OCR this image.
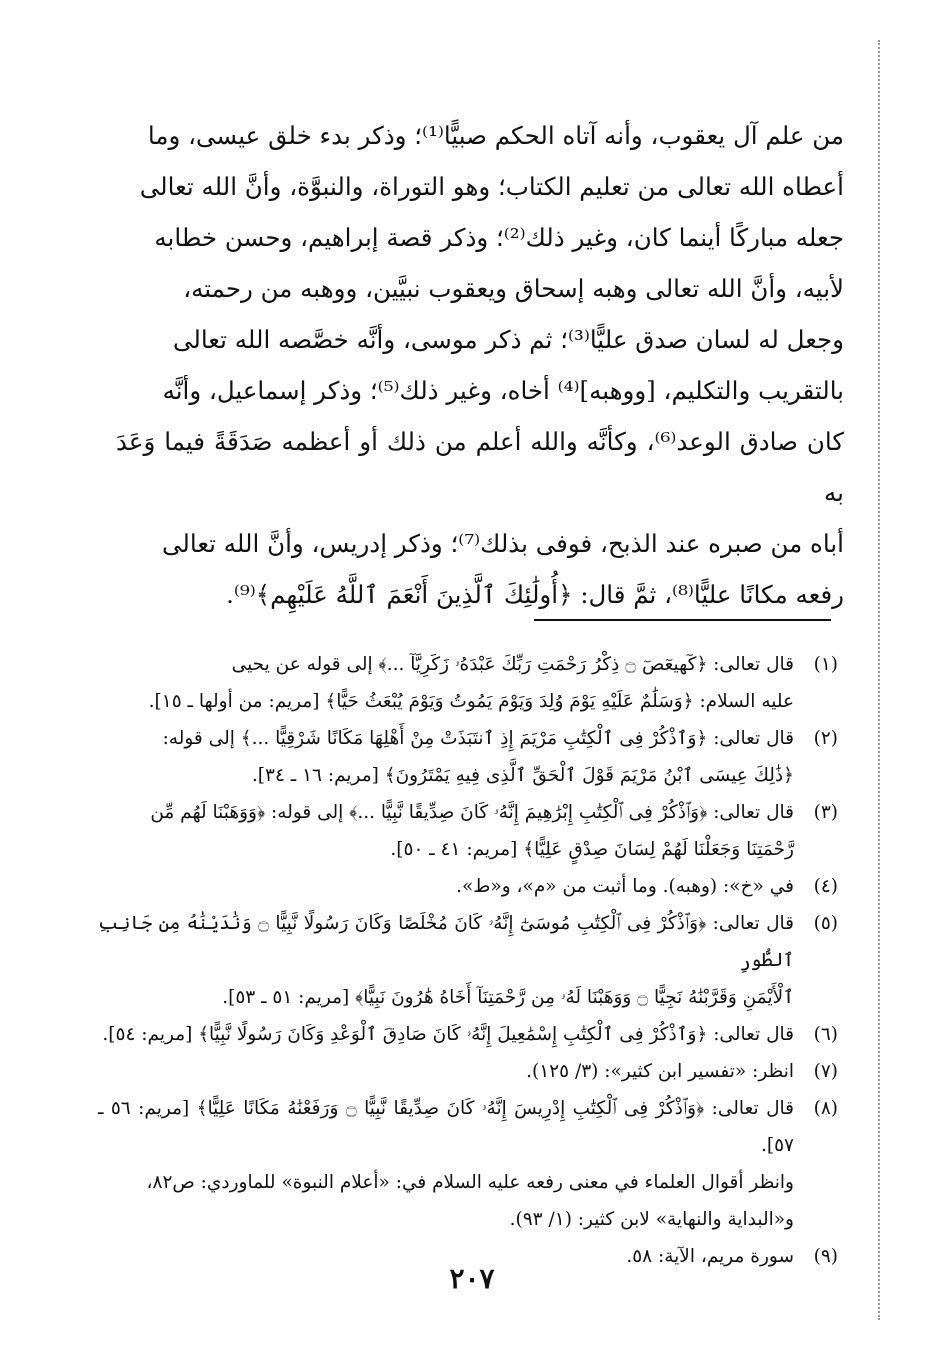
من علم آل يعقوب، وأنه آتاه الحكم صبيًّا⁽¹⁾؛ وذكر بدء خلق عيسى، وما

أعطاه الله تعالى من تعليم الكتاب؛ وهو التوراة، والنبوَّة، وأنَّ الله تعالى

جعله مباركًا أينما كان، وغير ذلك⁽²⁾؛ وذكر قصة إبراهيم، وحسن خطابه

لأبيه، وأنَّ الله تعالى وهبه إسحاق ويعقوب نبيَّين، ووهبه من رحمته،

وجعل له لسان صدق عليًّا⁽³⁾؛ ثم ذكر موسى، وأنَّه خصَّصه الله تعالى

بالتقريب والتكليم، [ووهبه]⁽⁴⁾ أخاه، وغير ذلك⁽⁵⁾؛ وذكر إسماعيل، وأنَّه

كان صادق الوعد⁽⁶⁾، وكأنَّه والله أعلم من ذلك أو أعظمه صَدَقَةً فيما وَعَدَ به

أباه من صبره عند الذبح، فوفى بذلك⁽⁷⁾؛ وذكر إدريس، وأنَّ الله تعالى

رفعه مكانًا عليًّا⁽⁸⁾، ثمَّ قال: ﴿أُولَٰئِكَ ٱلَّذِينَ أَنْعَمَ ٱللَّهُ عَلَيْهِم﴾⁽⁹⁾.

(١)

قال تعالى: ﴿كٓهيعٓصٓ ۝ ذِكْرُ رَحْمَتِ رَبِّكَ عَبْدَهُۥ زَكَرِيَّآ ...﴾ إلى قوله عن يحيى

عليه السلام: ﴿وَسَلَٰمٌ عَلَيْهِ يَوْمَ وُلِدَ وَيَوْمَ يَمُوتُ وَيَوْمَ يُبْعَثُ حَيًّا﴾ [مريم: من أولها ـ ١٥].

(٢)

قال تعالى: ﴿وَٱذْكُرْ فِى ٱلْكِتَٰبِ مَرْيَمَ إِذِ ٱنتَبَذَتْ مِنْ أَهْلِهَا مَكَانًا شَرْقِيًّا ...﴾ إلى قوله:

﴿ذَٰلِكَ عِيسَى ٱبْنُ مَرْيَمَ قَوْلَ ٱلْحَقِّ ٱلَّذِى فِيهِ يَمْتَرُونَ﴾ [مريم: ١٦ ـ ٣٤].

(٣)

قال تعالى: ﴿وَٱذْكُرْ فِى ٱلْكِتَٰبِ إِبْرَٰهِيمَ إِنَّهُۥ كَانَ صِدِّيقًا نَّبِيًّا ...﴾ إلى قوله: ﴿وَوَهَبْنَا لَهُم مِّن

رَّحْمَتِنَا وَجَعَلْنَا لَهُمْ لِسَانَ صِدْقٍ عَلِيًّا﴾ [مريم: ٤١ ـ ٥٠].

(٤)

في «خ»: (وهبه). وما أثبت من «م»، و«ط».

(٥)

قال تعالى: ﴿وَٱذْكُرْ فِى ٱلْكِتَٰبِ مُوسَىٰٓ إِنَّهُۥ كَانَ مُخْلَصًا وَكَانَ رَسُولًا نَّبِيًّا ۝ وَنَٰدَيْنَٰهُ مِن جَانِبِ ٱلطُّورِ

ٱلْأَيْمَنِ وَقَرَّبْنَٰهُ نَجِيًّا ۝ وَوَهَبْنَا لَهُۥ مِن رَّحْمَتِنَآ أَخَاهُ هَٰرُونَ نَبِيًّا﴾ [مريم: ٥١ ـ ٥٣].

(٦)

قال تعالى: ﴿وَٱذْكُرْ فِى ٱلْكِتَٰبِ إِسْمَٰعِيلَ إِنَّهُۥ كَانَ صَادِقَ ٱلْوَعْدِ وَكَانَ رَسُولًا نَّبِيًّا﴾ [مريم: ٥٤].

(٧)

انظر: «تفسير ابن كثير»: (٣/ ١٢٥).

(٨)

قال تعالى: ﴿وَٱذْكُرْ فِى ٱلْكِتَٰبِ إِدْرِيسَ إِنَّهُۥ كَانَ صِدِّيقًا نَّبِيًّا ۝ وَرَفَعْنَٰهُ مَكَانًا عَلِيًّا﴾ [مريم: ٥٦ ـ ٥٧].

وانظر أقوال العلماء في معنى رفعه عليه السلام في: «أعلام النبوة» للماوردي: ص٨٢،

و«البداية والنهاية» لابن كثير: (١/ ٩٣).

(٩)

سورة مريم، الآية: ٥٨.

٢٠٧
